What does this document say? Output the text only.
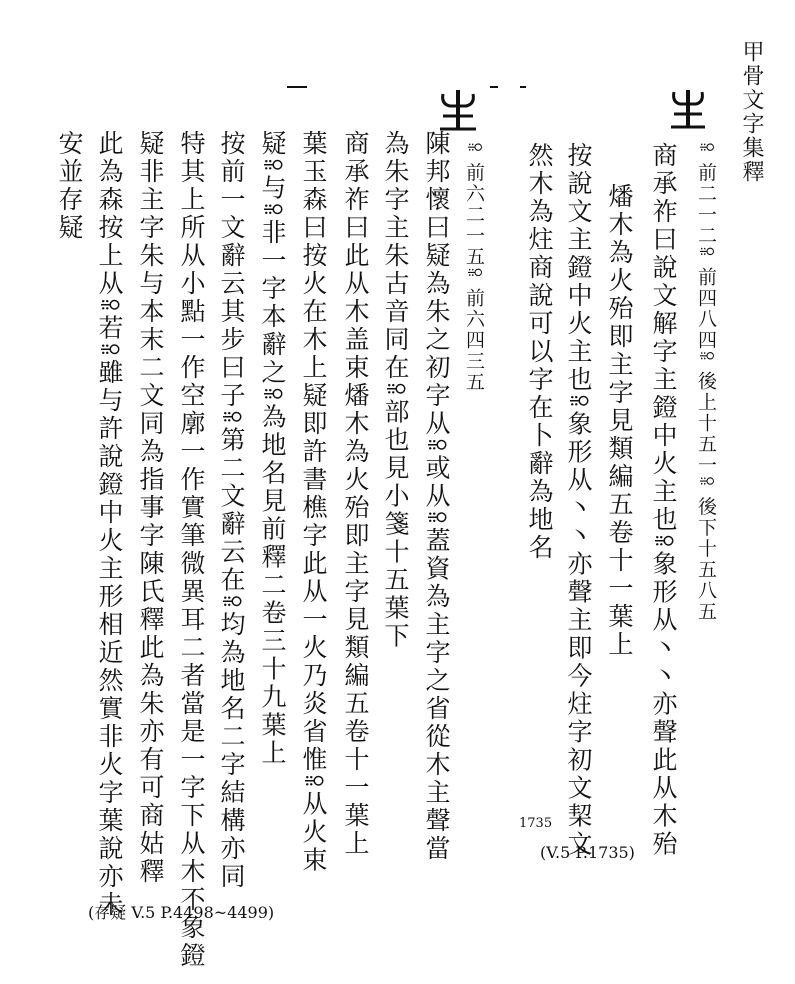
甲骨文字集釋
ꕉ 前二一二ꕉ 前四八四ꕉ 後上十五一ꕉ 後下十五八五
商承祚曰說文解字主鐙中火主也ꕉ象形从丶丶亦聲此从木殆
燔木為火殆即主字見類編五卷十一葉上
按說文主鐙中火主也ꕉ象形从丶丶亦聲主即今炷字初文栔文
然木為炷商說可以字在卜辭為地名
ꕉ 前六二一五ꕉ 前六四三五
陳邦懷曰疑為朱之初字从ꕉ或从ꕉ蓋資為主字之省從木主聲當
為朱字主朱古音同在ꕉ部也見小箋十五葉下
商承祚曰此从木盖束燔木為火殆即主字見類編五卷十一葉上
葉玉森曰按火在木上疑即許書樵字此从一火乃炎省惟ꕉ从火束
疑ꕉ与ꕉ非一字本辭之ꕉ為地名見前釋二卷三十九葉上
按前一文辭云其步曰子ꕉ第二文辭云在ꕉ均為地名二字結構亦同
特其上所从小點一作空廓一作實筆微異耳二者當是一字下从木不象鐙
疑非主字朱与本末二文同為指事字陳氏釋此為朱亦有可商姑釋
此為森按上从ꕉ若ꕉ雖与許說鐙中火主形相近然實非火字葉說亦未
安並存疑
1735
(V.5 P.1735)
(存疑 V.5 P.4498~4499)
